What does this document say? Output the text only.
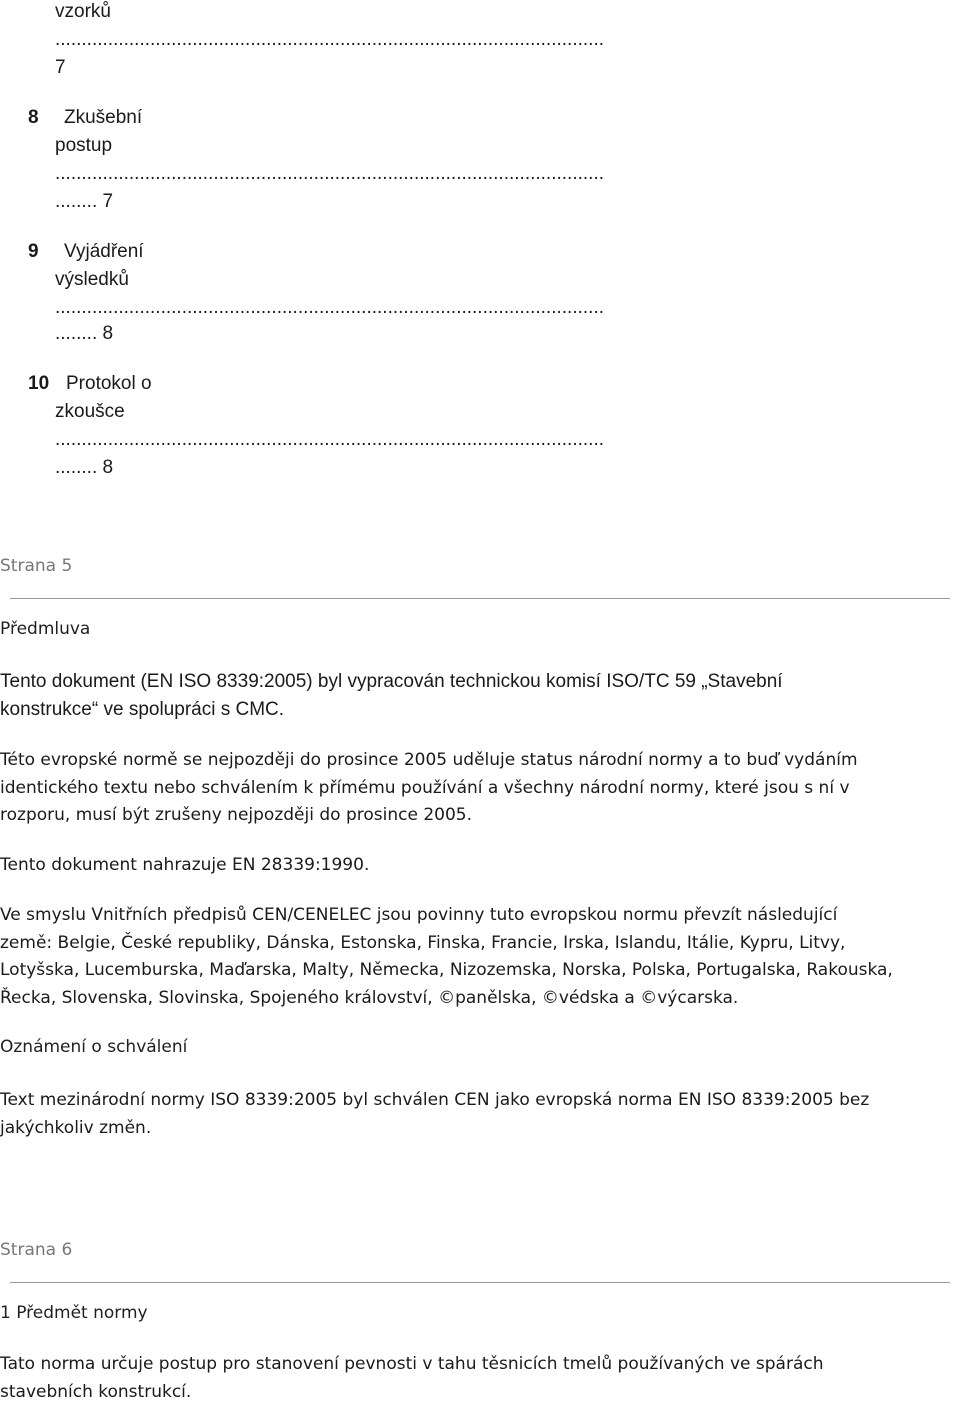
vzorků
........................................................................................................
7
8 Zkušební
postup
........................................................................................................
........ 7
9 Vyjádření
výsledků
........................................................................................................
........ 8
10 Protokol o
zkoušce
........................................................................................................
........ 8
Strana 5
Předmluva
Tento dokument (EN ISO 8339:2005) byl vypracován technickou komisí ISO/TC 59 „Stavební
konstrukce“ ve spolupráci s CMC.
Této evropské normě se nejpozději do prosince 2005 uděluje status národní normy a to buď vydáním
identického textu nebo schválením k přímému používání a všechny národní normy, které jsou s ní v
rozporu, musí být zrušeny nejpozději do prosince 2005.
Tento dokument nahrazuje EN 28339:1990.
Ve smyslu Vnitřních předpisů CEN/CENELEC jsou povinny tuto evropskou normu převzít následující
země: Belgie, České republiky, Dánska, Estonska, Finska, Francie, Irska, Islandu, Itálie, Kypru, Litvy,
Lotyšska, Lucemburska, Maďarska, Malty, Německa, Nizozemska, Norska, Polska, Portugalska, Rakouska,
Řecka, Slovenska, Slovinska, Spojeného království, ©panělska, ©védska a ©výcarska.
Oznámení o schválení
Text mezinárodní normy ISO 8339:2005 byl schválen CEN jako evropská norma EN ISO 8339:2005 bez
jakýchkoliv změn.
Strana 6
1 Předmět normy
Tato norma určuje postup pro stanovení pevnosti v tahu těsnicích tmelů používaných ve spárách
stavebních konstrukcí.
